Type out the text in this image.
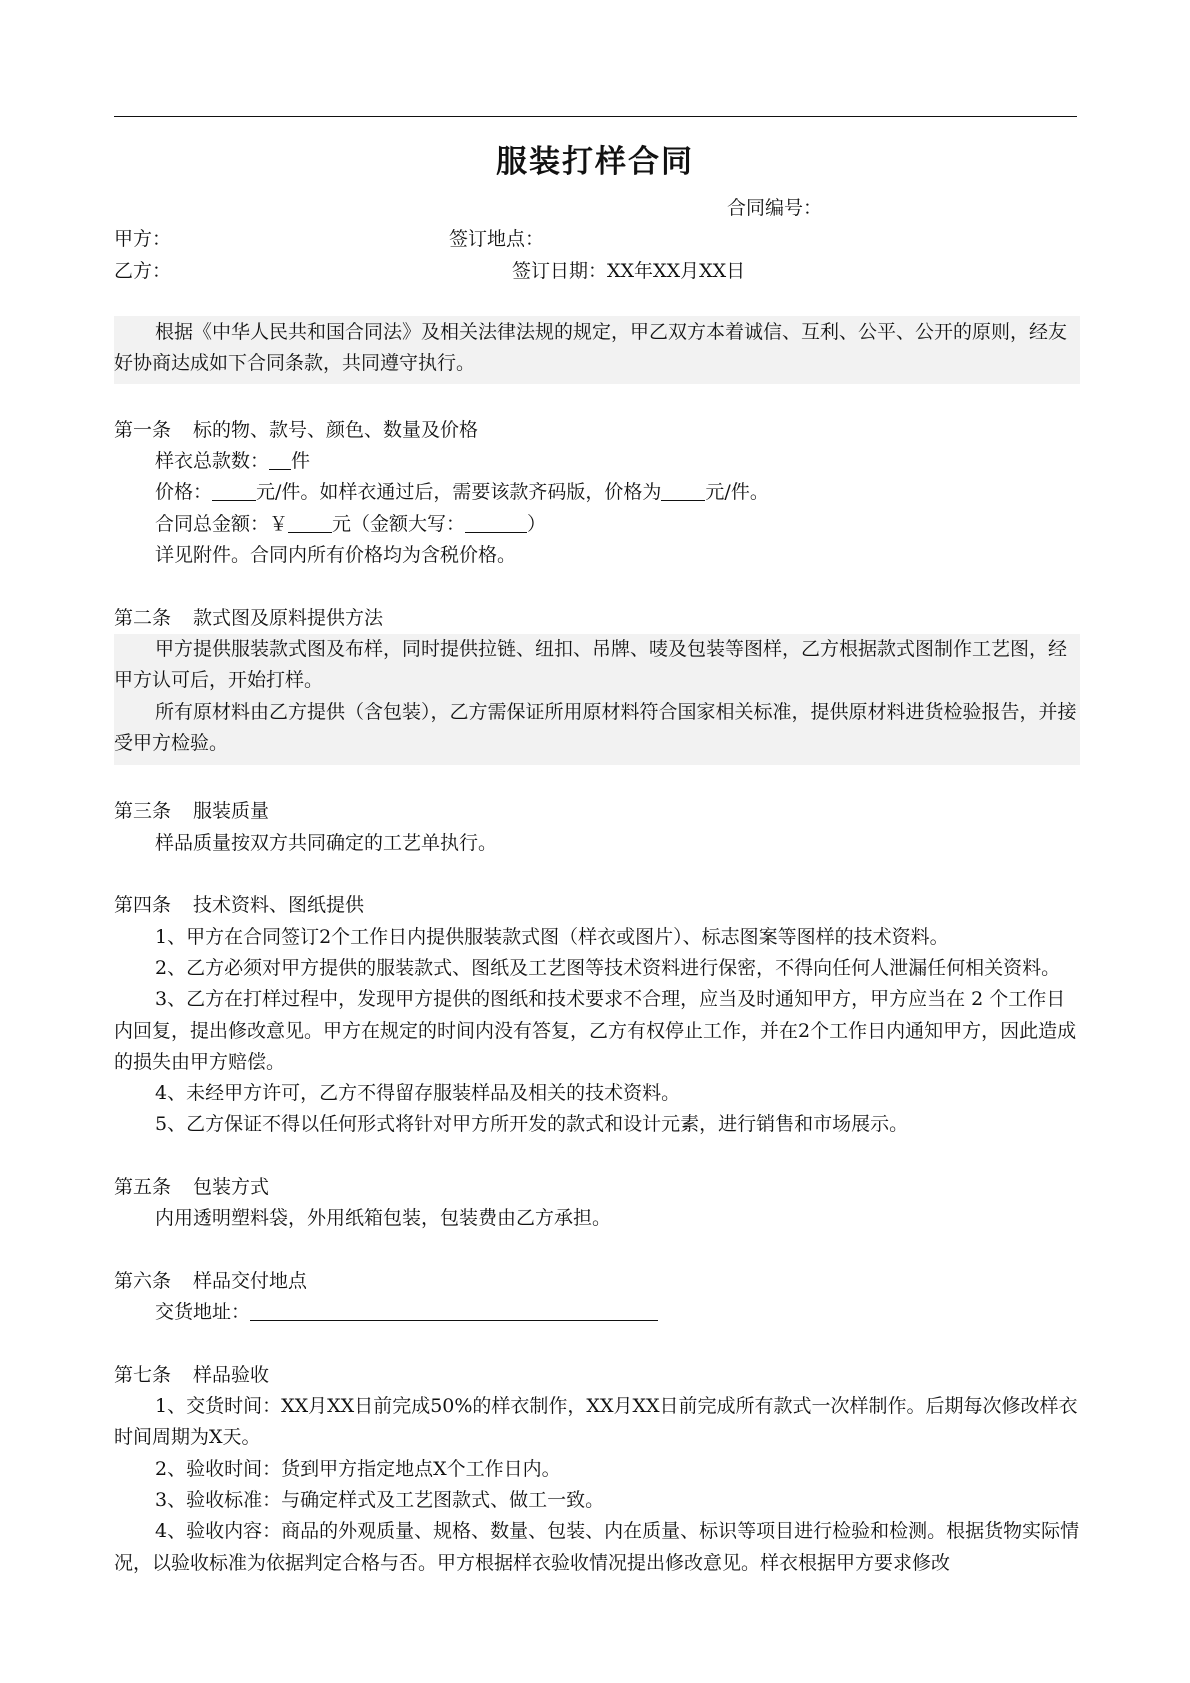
服装打样合同
合同编号：
甲方：	签订地点：
乙方：	签订日期：XX年XX月XX日

根据《中华人民共和国合同法》及相关法律法规的规定，甲乙双方本着诚信、互利、公平、公开的原则，经友好协商达成如下合同条款，共同遵守执行。

第一条 标的物、款号、颜色、数量及价格

样衣总款数： 件

价格： 元/件。如样衣通过后，需要该款齐码版，价格为 元/件。

合同总金额：￥ 元（金额大写：	）

详见附件。合同内所有价格均为含税价格。

第二条 款式图及原料提供方法

甲方提供服装款式图及布样，同时提供拉链、纽扣、吊牌、唛及包装等图样，乙方根据款式图制作工艺图，经甲方认可后，开始打样。

所有原材料由乙方提供（含包装），乙方需保证所用原材料符合国家相关标准，提供原材料进货检验报告，并接受甲方检验。

第三条 服装质量

样品质量按双方共同确定的工艺单执行。

第四条 技术资料、图纸提供

1、甲方在合同签订2个工作日内提供服装款式图（样衣或图片）、标志图案等图样的技术资料。

2、乙方必须对甲方提供的服装款式、图纸及工艺图等技术资料进行保密，不得向任何人泄漏任何相关资料。

3、乙方在打样过程中，发现甲方提供的图纸和技术要求不合理，应当及时通知甲方，甲方应当在 2 个工作日内回复，提出修改意见。甲方在规定的时间内没有答复，乙方有权停止工作，并在2个工作日内通知甲方，因此造成的损失由甲方赔偿。

4、未经甲方许可，乙方不得留存服装样品及相关的技术资料。

5、乙方保证不得以任何形式将针对甲方所开发的款式和设计元素，进行销售和市场展示。

第五条 包装方式

内用透明塑料袋，外用纸箱包装，包装费由乙方承担。

第六条 样品交付地点

交货地址：

第七条 样品验收

1、交货时间：XX月XX日前完成50%的样衣制作，XX月XX日前完成所有款式一次样制作。后期每次修改样衣时间周期为X天。

2、验收时间：货到甲方指定地点X个工作日内。

3、验收标准：与确定样式及工艺图款式、做工一致。

4、验收内容：商品的外观质量、规格、数量、包装、内在质量、标识等项目进行检验和检测。根据货物实际情况，以验收标准为依据判定合格与否。甲方根据样衣验收情况提出修改意见。样衣根据甲方要求修改
